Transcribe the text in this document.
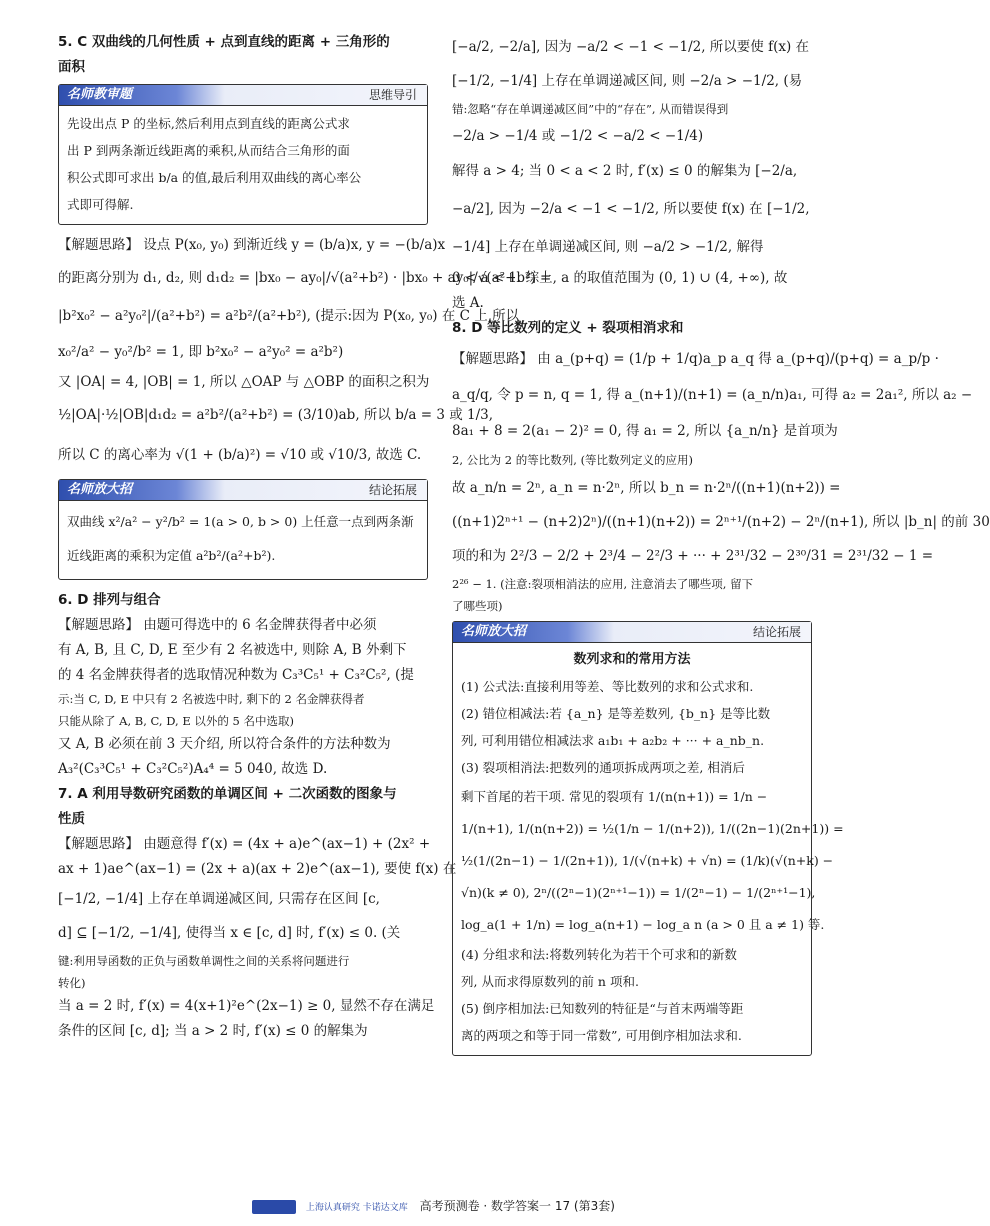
5. C 双曲线的几何性质 + 点到直线的距离 + 三角形的
面积
名师教审题	思维导引
先设出点 P 的坐标,然后利用点到直线的距离公式求
出 P 到两条渐近线距离的乘积,从而结合三角形的面
积公式即可求出 b/a 的值,最后利用双曲线的离心率公
式即可得解.
【解题思路】 设点 P(x₀, y₀) 到渐近线 y = (b/a)x, y = −(b/a)x
的距离分别为 d₁, d₂, 则 d₁d₂ = |bx₀ − ay₀|/√(a²+b²) · |bx₀ + ay₀|/√(a²+b²) =
|b²x₀² − a²y₀²|/(a²+b²) = a²b²/(a²+b²), (提示:因为 P(x₀, y₀) 在 C 上,所以
x₀²/a² − y₀²/b² = 1, 即 b²x₀² − a²y₀² = a²b²)
又 |OA| = 4, |OB| = 1, 所以 △OAP 与 △OBP 的面积之积为
½|OA|·½|OB|d₁d₂ = a²b²/(a²+b²) = (3/10)ab, 所以 b/a = 3 或 1/3,
所以 C 的离心率为 √(1 + (b/a)²) = √10 或 √10/3, 故选 C.
名师放大招	结论拓展
双曲线 x²/a² − y²/b² = 1(a > 0, b > 0) 上任意一点到两条渐
近线距离的乘积为定值 a²b²/(a²+b²).
6. D 排列与组合
【解题思路】 由题可得选中的 6 名金牌获得者中必须
有 A, B, 且 C, D, E 至少有 2 名被选中, 则除 A, B 外剩下
的 4 名金牌获得者的选取情况种数为 C₃³C₅¹ + C₃²C₅², (提
示:当 C, D, E 中只有 2 名被选中时, 剩下的 2 名金牌获得者
只能从除了 A, B, C, D, E 以外的 5 名中选取)
又 A, B 必须在前 3 天介绍, 所以符合条件的方法种数为
A₃²(C₃³C₅¹ + C₃²C₅²)A₄⁴ = 5 040, 故选 D.
7. A 利用导数研究函数的单调区间 + 二次函数的图象与
性质
【解题思路】 由题意得 f′(x) = (4x + a)e^(ax−1) + (2x² +
ax + 1)ae^(ax−1) = (2x + a)(ax + 2)e^(ax−1), 要使 f(x) 在
[−1/2, −1/4] 上存在单调递减区间, 只需存在区间 [c,
d] ⊆ [−1/2, −1/4], 使得当 x ∈ [c, d] 时, f′(x) ≤ 0. (关
键:利用导函数的正负与函数单调性之间的关系将问题进行
转化)
当 a = 2 时, f′(x) = 4(x+1)²e^(2x−1) ≥ 0, 显然不存在满足
条件的区间 [c, d]; 当 a > 2 时, f′(x) ≤ 0 的解集为
[−a/2, −2/a], 因为 −a/2 < −1 < −1/2, 所以要使 f(x) 在
[−1/2, −1/4] 上存在单调递减区间, 则 −2/a > −1/2, (易
错:忽略“存在单调递减区间”中的“存在”, 从而错误得到
−2/a > −1/4 或 −1/2 < −a/2 < −1/4)
解得 a > 4; 当 0 < a < 2 时, f′(x) ≤ 0 的解集为 [−2/a,
−a/2], 因为 −2/a < −1 < −1/2, 所以要使 f(x) 在 [−1/2,
−1/4] 上存在单调递减区间, 则 −a/2 > −1/2, 解得
0 < a < 1. 综上, a 的取值范围为 (0, 1) ∪ (4, +∞), 故
选 A.
8. D 等比数列的定义 + 裂项相消求和
【解题思路】 由 a_(p+q) = (1/p + 1/q)a_p a_q 得 a_(p+q)/(p+q) = a_p/p ·
a_q/q, 令 p = n, q = 1, 得 a_(n+1)/(n+1) = (a_n/n)a₁, 可得 a₂ = 2a₁², 所以 a₂ −
8a₁ + 8 = 2(a₁ − 2)² = 0, 得 a₁ = 2, 所以 {a_n/n} 是首项为
2, 公比为 2 的等比数列, (等比数列定义的应用)
故 a_n/n = 2ⁿ, a_n = n·2ⁿ, 所以 b_n = n·2ⁿ/((n+1)(n+2)) =
((n+1)2ⁿ⁺¹ − (n+2)2ⁿ)/((n+1)(n+2)) = 2ⁿ⁺¹/(n+2) − 2ⁿ/(n+1), 所以 |b_n| 的前 30
项的和为 2²/3 − 2/2 + 2³/4 − 2²/3 + ··· + 2³¹/32 − 2³⁰/31 = 2³¹/32 − 1 =
2²⁶ − 1. (注意:裂项相消法的应用, 注意消去了哪些项, 留下
了哪些项)
名师放大招	结论拓展
数列求和的常用方法
(1) 公式法:直接利用等差、等比数列的求和公式求和.
(2) 错位相减法:若 {a_n} 是等差数列, {b_n} 是等比数
列, 可利用错位相减法求 a₁b₁ + a₂b₂ + ··· + a_nb_n.
(3) 裂项相消法:把数列的通项拆成两项之差, 相消后
剩下首尾的若干项. 常见的裂项有 1/(n(n+1)) = 1/n −
1/(n+1), 1/(n(n+2)) = ½(1/n − 1/(n+2)), 1/((2n−1)(2n+1)) =
½(1/(2n−1) − 1/(2n+1)), 1/(√(n+k) + √n) = (1/k)(√(n+k) −
√n)(k ≠ 0), 2ⁿ/((2ⁿ−1)(2ⁿ⁺¹−1)) = 1/(2ⁿ−1) − 1/(2ⁿ⁺¹−1),
log_a(1 + 1/n) = log_a(n+1) − log_a n (a > 0 且 a ≠ 1) 等.
(4) 分组求和法:将数列转化为若干个可求和的新数
列, 从而求得原数列的前 n 项和.
(5) 倒序相加法:已知数列的特征是“与首末两端等距
离的两项之和等于同一常数”, 可用倒序相加法求和.
上海认真研究 卡诺达文库 高考预测卷 · 数学答案一 17 (第3套)
